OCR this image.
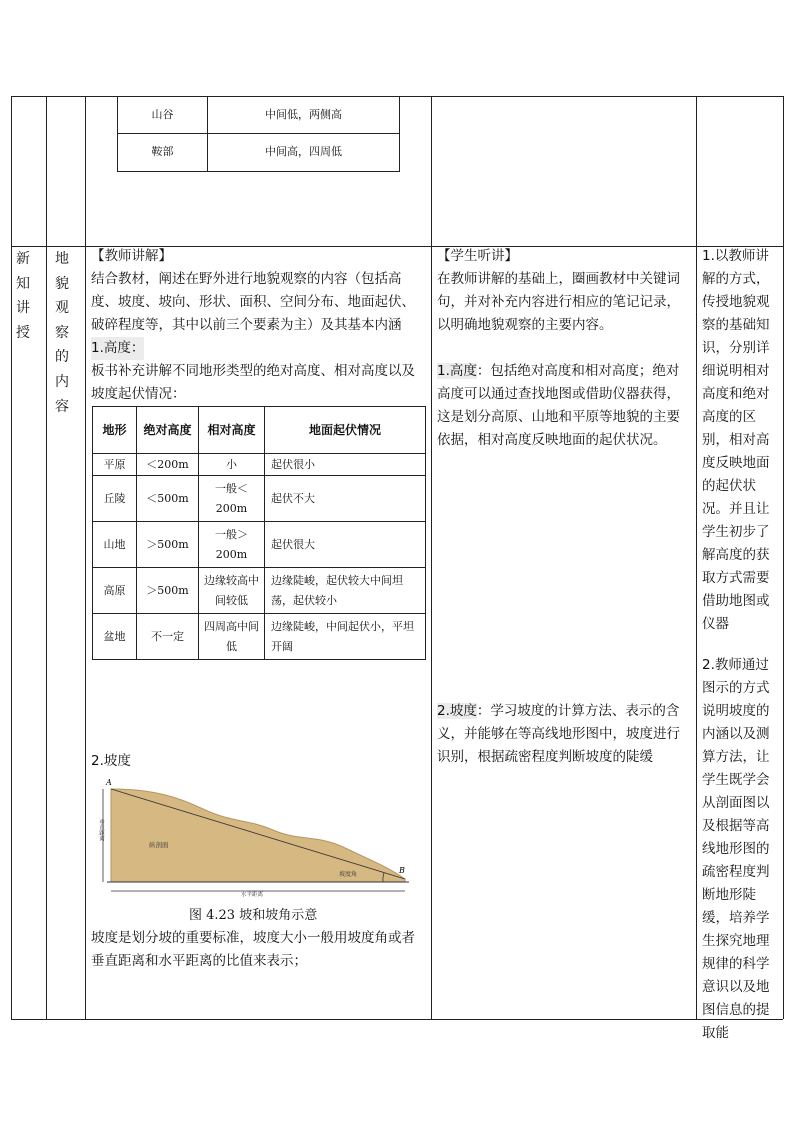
山谷	中间低，两侧高
鞍部	中间高，四周低
新知讲授
地貌观察的内容
【教师讲解】
结合教材，阐述在野外进行地貌观察的内容（包括高度、坡度、坡向、形状、面积、空间分布、地面起伏、破碎程度等，其中以前三个要素为主）及其基本内涵
1.高度：
板书补充讲解不同地形类型的绝对高度、相对高度以及坡度起伏情况：
地形	绝对高度	相对高度	地面起伏情况
平原	＜200m	小	起伏很小
丘陵	＜500m	一般＜200m	起伏不大
山地	＞500m	一般＞200m	起伏很大
高原	＞500m	边缘较高中间较低	边缘陡峻，起伏较大中间坦荡，起伏较小
盆地	不一定	四周高中间低	边缘陡峻，中间起伏小，平坦开阔
2.坡度
A
B
垂直距离
纵剖面
坡度角
水平距离
图 4.23 坡和坡角示意
坡度是划分坡的重要标准，坡度大小一般用坡度角或者垂直距离和水平距离的比值来表示；
【学生听讲】
在教师讲解的基础上，圈画教材中关键词句，并对补充内容进行相应的笔记记录，以明确地貌观察的主要内容。
1.高度：包括绝对高度和相对高度；绝对高度可以通过查找地图或借助仪器获得，这是划分高原、山地和平原等地貌的主要依据，相对高度反映地面的起伏状况。
2.坡度：学习坡度的计算方法、表示的含义，并能够在等高线地形图中，坡度进行识别，根据疏密程度判断坡度的陡缓
1.以教师讲解的方式，传授地貌观察的基础知识，分别详细说明相对高度和绝对高度的区别，相对高度反映地面的起伏状况。并且让学生初步了解高度的获取方式需要借助地图或仪器
2.教师通过图示的方式说明坡度的内涵以及测算方法，让学生既学会从剖面图以及根据等高线地形图的疏密程度判断地形陡缓，培养学生探究地理规律的科学意识以及地图信息的提取能
